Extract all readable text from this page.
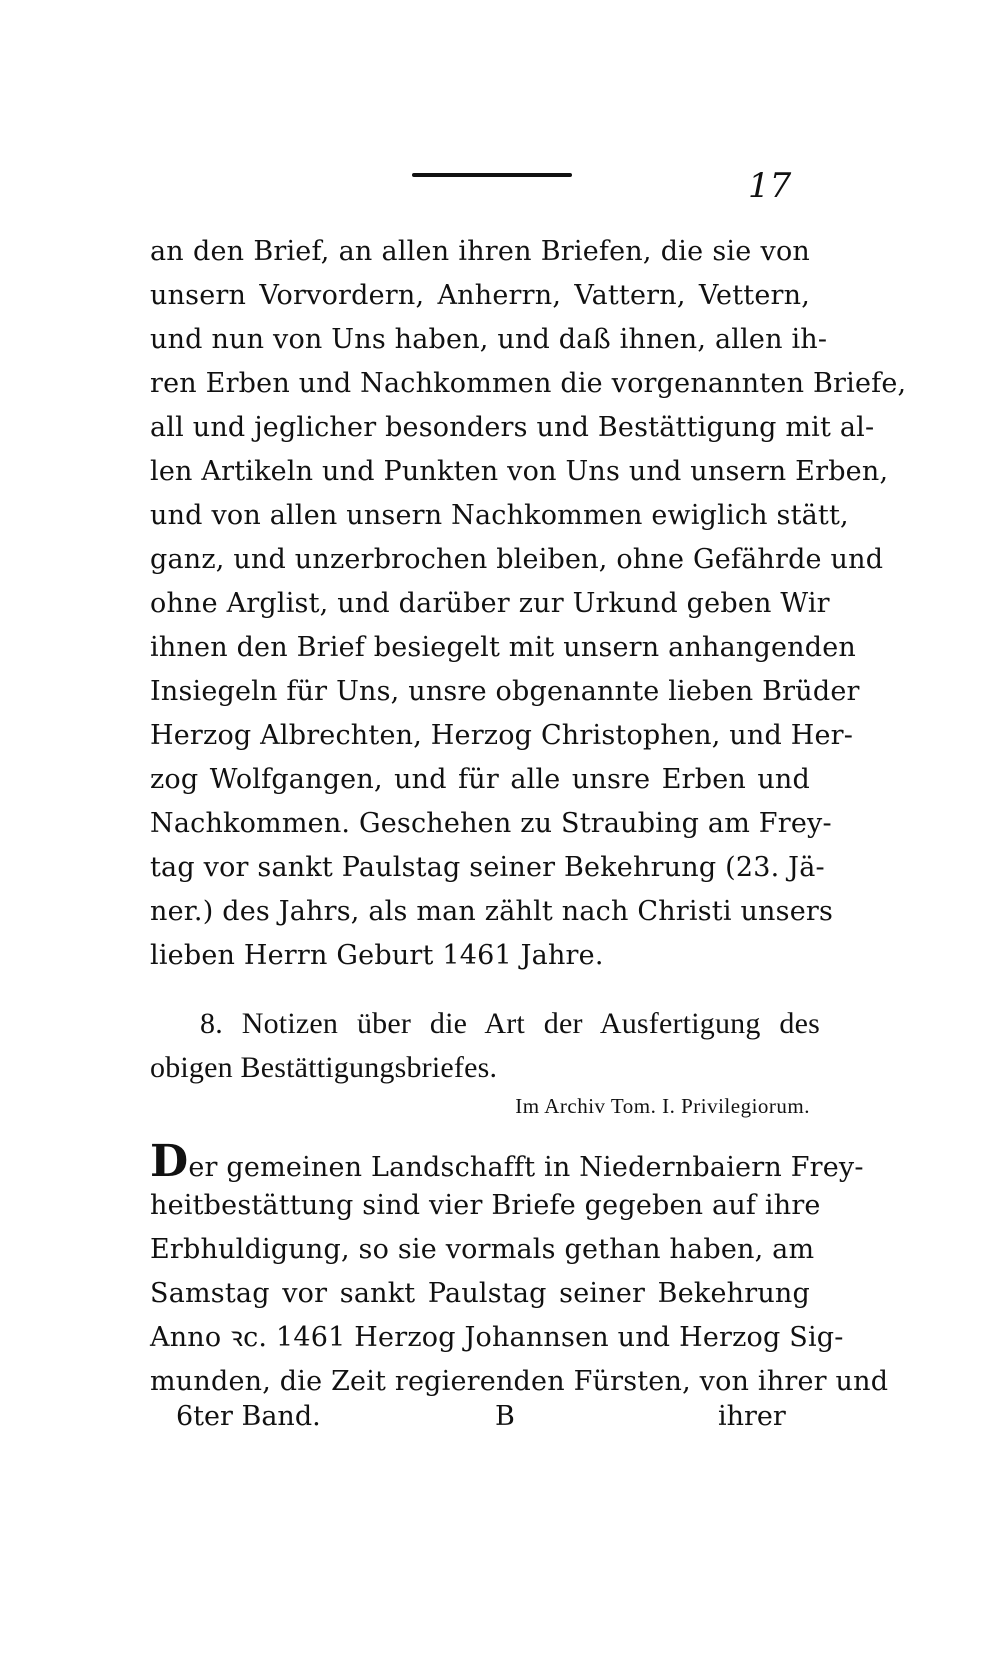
17
an den Brief, an allen ihren Briefen, die sie von
unsern Vorvordern, Anherrn, Vattern, Vettern,
und nun von Uns haben, und daß ihnen, allen ih-
ren Erben und Nachkommen die vorgenannten Briefe,
all und jeglicher besonders und Bestättigung mit al-
len Artikeln und Punkten von Uns und unsern Erben,
und von allen unsern Nachkommen ewiglich stätt,
ganz, und unzerbrochen bleiben, ohne Gefährde und
ohne Arglist, und darüber zur Urkund geben Wir
ihnen den Brief besiegelt mit unsern anhangenden
Insiegeln für Uns, unsre obgenannte lieben Brüder
Herzog Albrechten, Herzog Christophen, und Her-
zog Wolfgangen, und für alle unsre Erben und
Nachkommen. Geschehen zu Straubing am Frey-
tag vor sankt Paulstag seiner Bekehrung (23. Jä-
ner.) des Jahrs, als man zählt nach Christi unsers
lieben Herrn Geburt 1461 Jahre.
8. Notizen über die Art der Ausfertigung des
obigen Bestättigungsbriefes.
Im Archiv Tom. I. Privilegiorum.
Der gemeinen Landschafft in Niedernbaiern Frey-
heitbestättung sind vier Briefe gegeben auf ihre
Erbhuldigung, so sie vormals gethan haben, am
Samstag vor sankt Paulstag seiner Bekehrung
Anno ꝛc. 1461 Herzog Johannsen und Herzog Sig-
munden, die Zeit regierenden Fürsten, von ihrer und
6ter Band.	B	ihrer
